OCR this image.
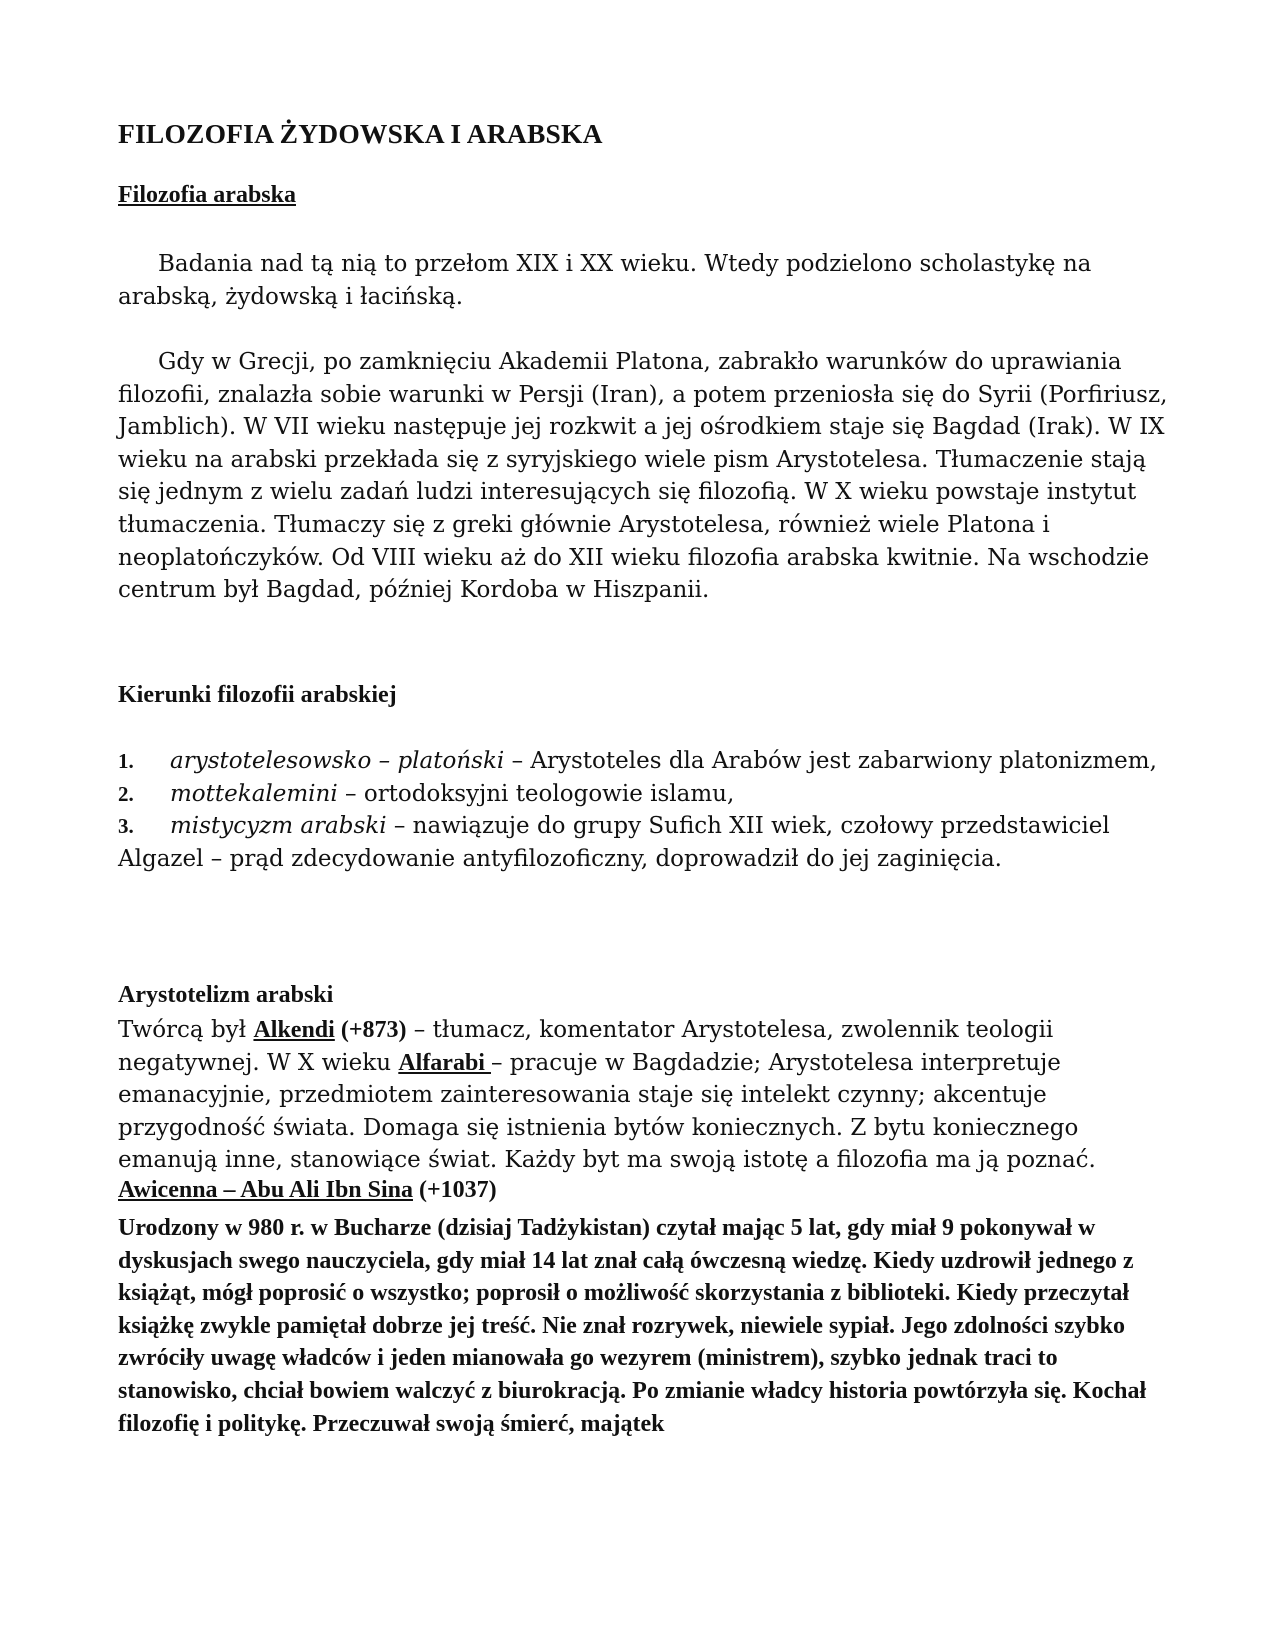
FILOZOFIA ŻYDOWSKA I ARABSKA
Filozofia arabska
Badania nad tą nią to przełom XIX i XX wieku. Wtedy podzielono scholastykę na arabską, żydowską i łacińską.
Gdy w Grecji, po zamknięciu Akademii Platona, zabrakło warunków do uprawiania filozofii, znalazła sobie warunki w Persji (Iran), a potem przeniosła się do Syrii (Porfiriusz, Jamblich). W VII wieku następuje jej rozkwit a jej ośrodkiem staje się Bagdad (Irak). W IX wieku na arabski przekłada się z syryjskiego wiele pism Arystotelesa. Tłumaczenie stają się jednym z wielu zadań ludzi interesujących się filozofią. W X wieku powstaje instytut tłumaczenia. Tłumaczy się z greki głównie Arystotelesa, również wiele Platona i neoplatończyków. Od VIII wieku aż do XII wieku filozofia arabska kwitnie. Na wschodzie centrum był Bagdad, później Kordoba w Hiszpanii.
Kierunki filozofii arabskiej
1. arystotelesowsko – platoński – Arystoteles dla Arabów jest zabarwiony platonizmem,
2. mottekalemini – ortodoksyjni teologowie islamu,
3. mistycyzm arabski – nawiązuje do grupy Sufich XII wiek, czołowy przedstawiciel Algazel – prąd zdecydowanie antyfilozoficzny, doprowadził do jej zaginięcia.
Arystotelizm arabski
Twórcą był Alkendi (+873) – tłumacz, komentator Arystotelesa, zwolennik teologii negatywnej. W X wieku Alfarabi – pracuje w Bagdadzie; Arystotelesa interpretuje emanacyjnie, przedmiotem zainteresowania staje się intelekt czynny; akcentuje przygodność świata. Domaga się istnienia bytów koniecznych. Z bytu koniecznego emanują inne, stanowiące świat. Każdy byt ma swoją istotę a filozofia ma ją poznać.
Awicenna – Abu Ali Ibn Sina (+1037)
Urodzony w 980 r. w Bucharze (dzisiaj Tadżykistan) czytał mając 5 lat, gdy miał 9 pokonywał w dyskusjach swego nauczyciela, gdy miał 14 lat znał całą ówczesną wiedzę. Kiedy uzdrowił jednego z książąt, mógł poprosić o wszystko; poprosił o możliwość skorzystania z biblioteki. Kiedy przeczytał książkę zwykle pamiętał dobrze jej treść. Nie znał rozrywek, niewiele sypiał. Jego zdolności szybko zwróciły uwagę władców i jeden mianowała go wezyrem (ministrem), szybko jednak traci to stanowisko, chciał bowiem walczyć z biurokracją. Po zmianie władcy historia powtórzyła się. Kochał filozofię i politykę. Przeczuwał swoją śmierć, majątek
